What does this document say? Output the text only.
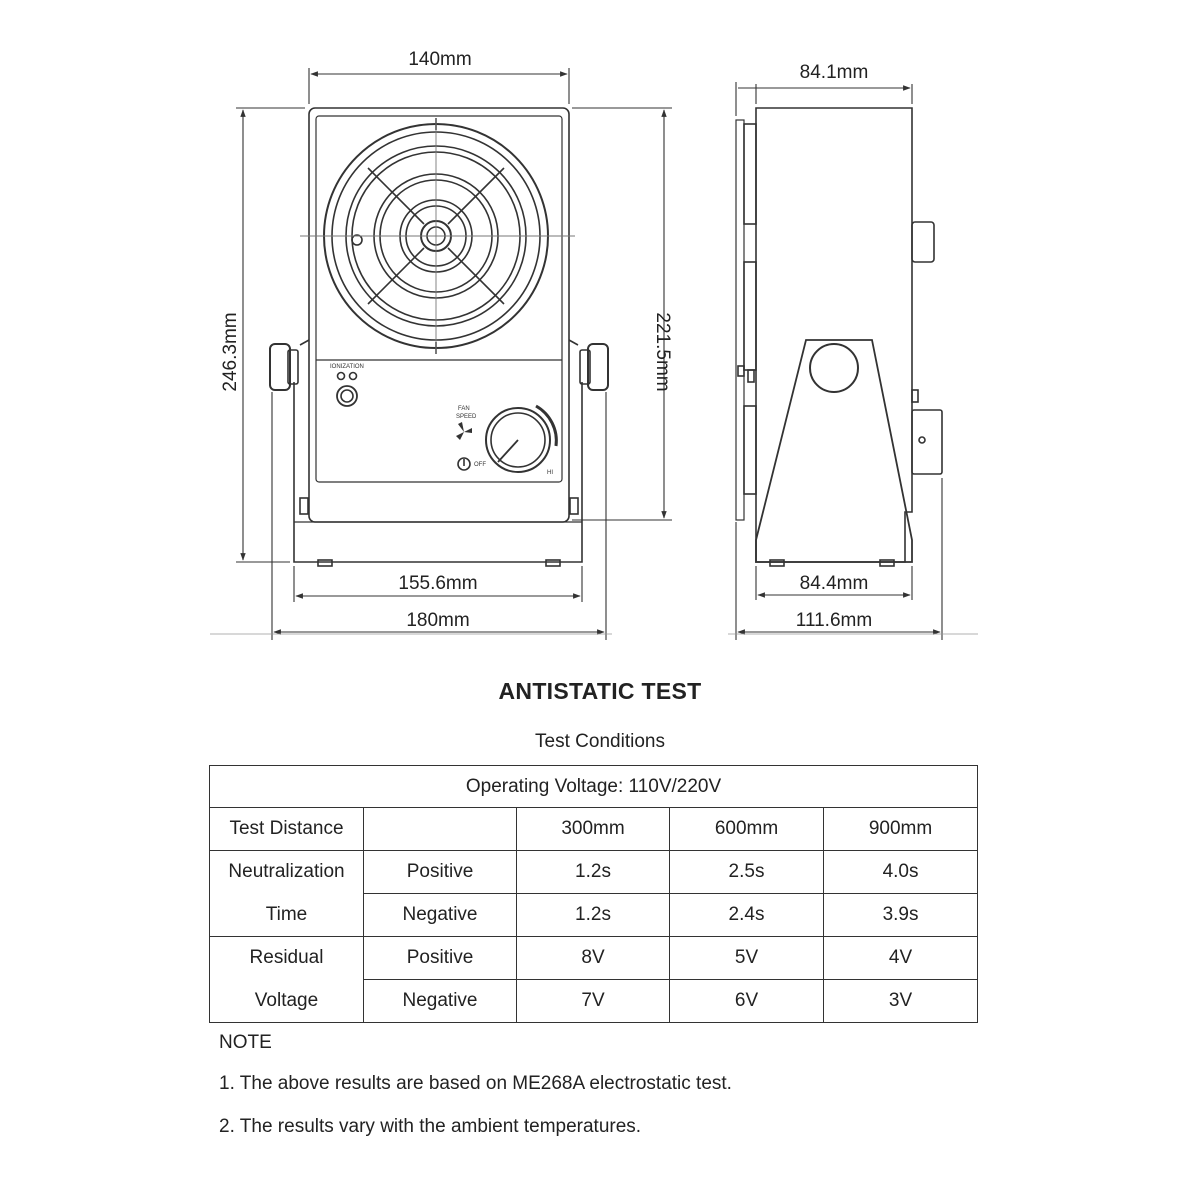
IONIZATION
FAN
SPEED
OFF
HI
140mm
246.3mm	221.5mm
155.6mm
180mm
84.1mm
84.4mm
111.6mm
ANTISTATIC TEST
Test Conditions
Operating Voltage: 110V/220V				
Test Distance		300mm	600mm	900mm
Neutralization	Positive	1.2s	2.5s	4.0s
Time	Negative	1.2s	2.4s	3.9s
Residual	Positive	8V	5V	4V
Voltage	Negative	7V	6V	3V
NOTE
1. The above results are based on ME268A electrostatic test.
2. The results vary with the ambient temperatures.
